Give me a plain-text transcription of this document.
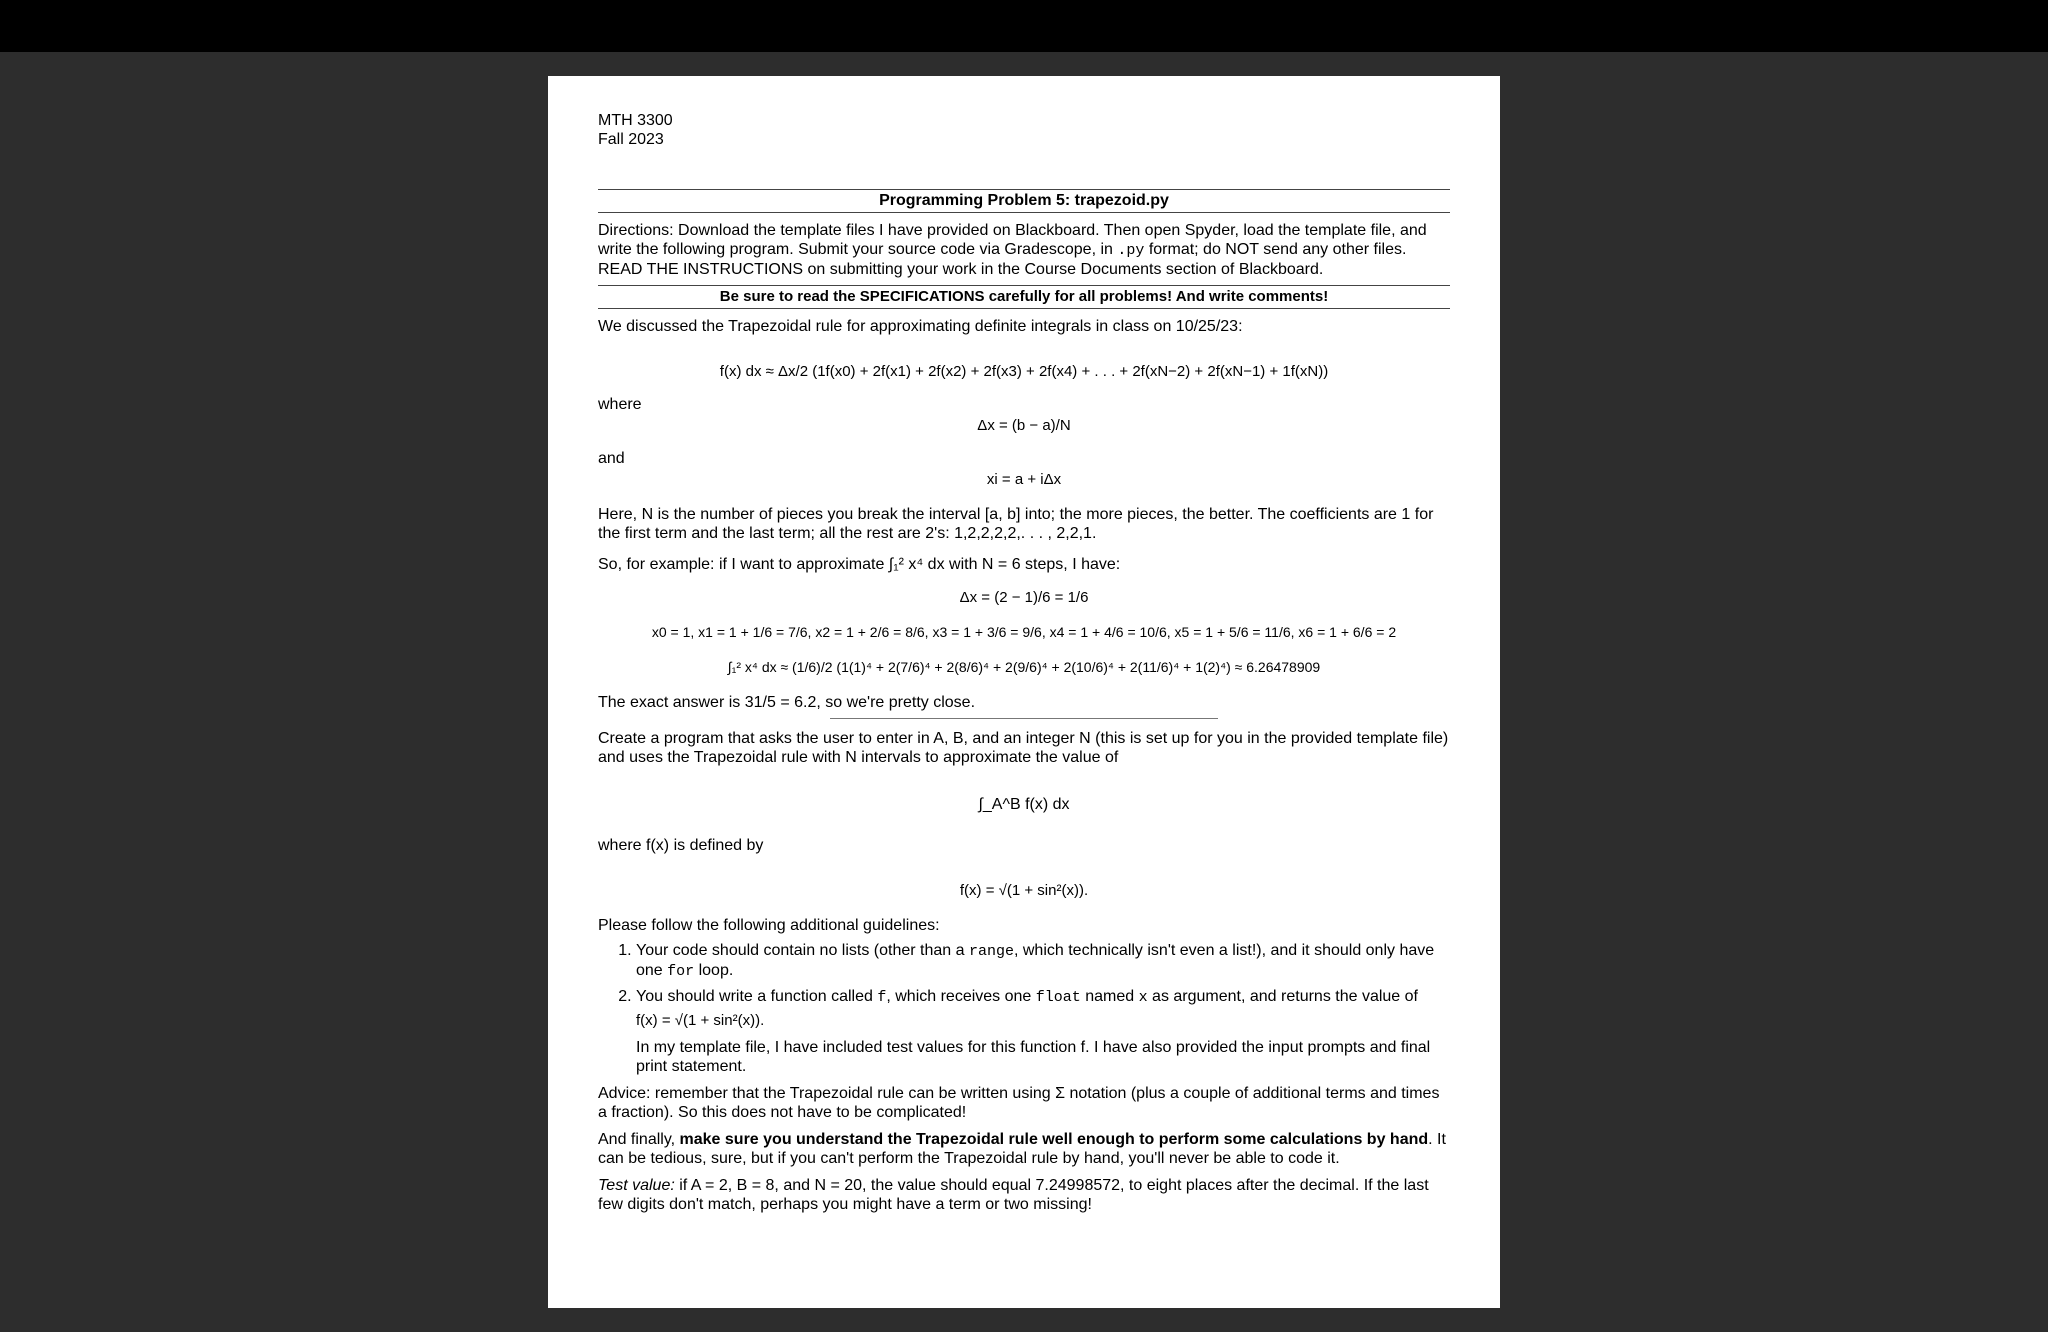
MTH 3300
Fall 2023
Programming Problem 5: trapezoid.py

Directions: Download the template files I have provided on Blackboard. Then open Spyder, load the template file, and write the following program. Submit your source code via Gradescope, in .py format; do NOT send any other files. READ THE INSTRUCTIONS on submitting your work in the Course Documents section of Blackboard.

Be sure to read the SPECIFICATIONS carefully for all problems! And write comments!

We discussed the Trapezoidal rule for approximating definite integrals in class on 10/25/23:

f(x) dx ≈ Δx/2 (1f(x0) + 2f(x1) + 2f(x2) + 2f(x3) + 2f(x4) + . . . + 2f(xN−2) + 2f(xN−1) + 1f(xN))
where
Δx = (b − a)/N
and
xi = a + iΔx

Here, N is the number of pieces you break the interval [a, b] into; the more pieces, the better. The coefficients are 1 for the first term and the last term; all the rest are 2's: 1,2,2,2,2,. . . , 2,2,1.

So, for example: if I want to approximate ∫₁² x⁴ dx with N = 6 steps, I have:

Δx = (2 − 1)/6 = 1/6
x0 = 1, x1 = 1 + 1/6 = 7/6, x2 = 1 + 2/6 = 8/6, x3 = 1 + 3/6 = 9/6, x4 = 1 + 4/6 = 10/6, x5 = 1 + 5/6 = 11/6, x6 = 1 + 6/6 = 2
∫₁² x⁴ dx ≈ (1/6)/2 (1(1)⁴ + 2(7/6)⁴ + 2(8/6)⁴ + 2(9/6)⁴ + 2(10/6)⁴ + 2(11/6)⁴ + 1(2)⁴) ≈ 6.26478909

The exact answer is 31/5 = 6.2, so we're pretty close.

Create a program that asks the user to enter in A, B, and an integer N (this is set up for you in the provided template file) and uses the Trapezoidal rule with N intervals to approximate the value of

∫_A^B f(x) dx

where f(x) is defined by

f(x) = √(1 + sin²(x)).

Please follow the following additional guidelines:

1. Your code should contain no lists (other than a range, which technically isn't even a list!), and it should only have one for loop.
2. You should write a function called f, which receives one float named x as argument, and returns the value of
f(x) = √(1 + sin²(x)).
In my template file, I have included test values for this function f. I have also provided the input prompts and final print statement.

Advice: remember that the Trapezoidal rule can be written using Σ notation (plus a couple of additional terms and times a fraction). So this does not have to be complicated!

And finally, make sure you understand the Trapezoidal rule well enough to perform some calculations by hand. It can be tedious, sure, but if you can't perform the Trapezoidal rule by hand, you'll never be able to code it.

Test value: if A = 2, B = 8, and N = 20, the value should equal 7.24998572, to eight places after the decimal. If the last few digits don't match, perhaps you might have a term or two missing!
